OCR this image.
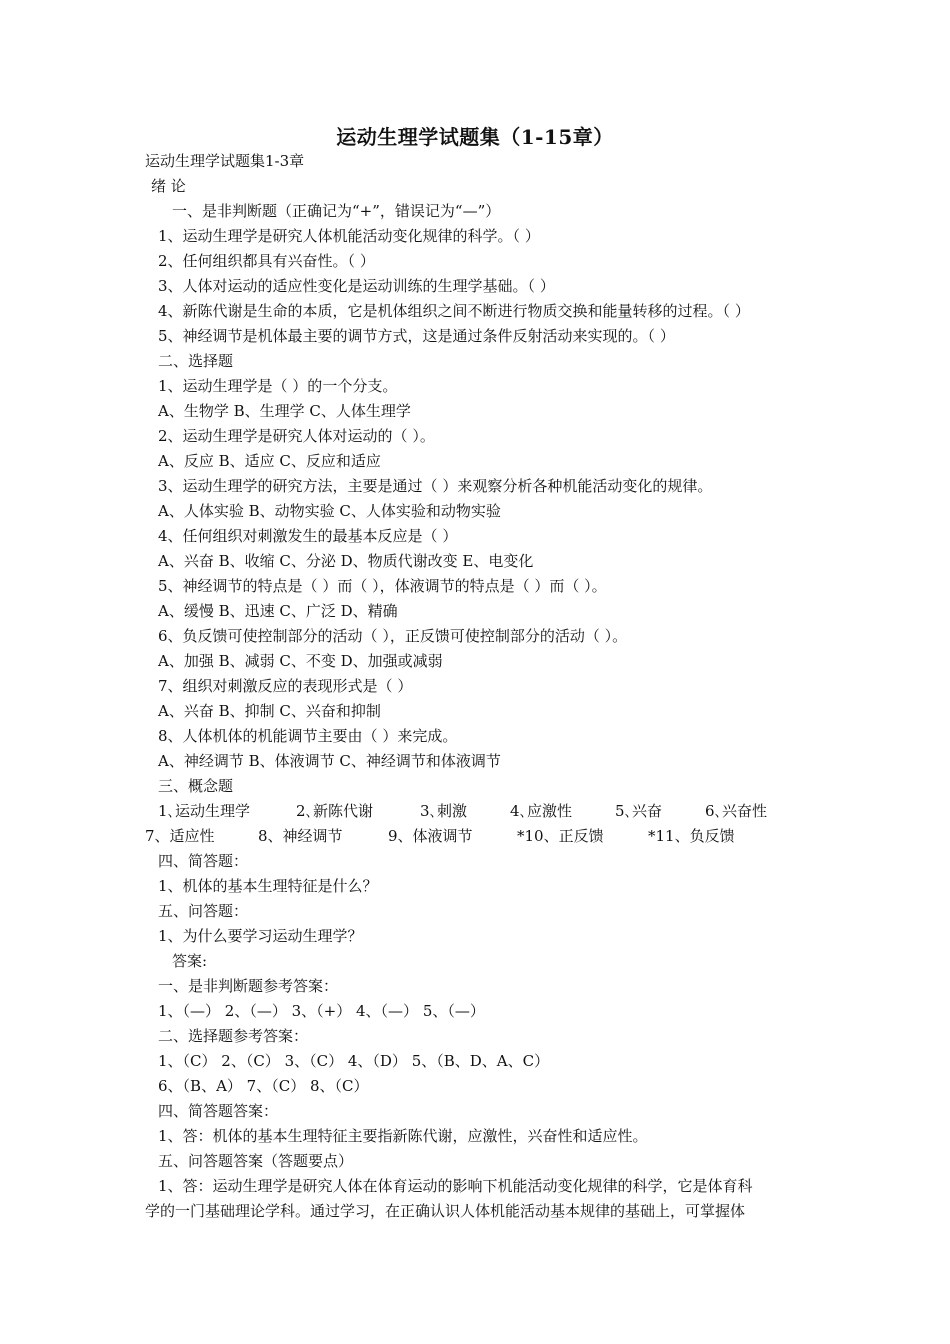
运动生理学试题集（1-15章）
运动生理学试题集1-3章
绪 论
一、是非判断题（正确记为“+”，错误记为“—”）
1、运动生理学是研究人体机能活动变化规律的科学。（ ）
2、任何组织都具有兴奋性。（ ）
3、人体对运动的适应性变化是运动训练的生理学基础。（ ）
4、新陈代谢是生命的本质，它是机体组织之间不断进行物质交换和能量转移的过程。（ ）
5、神经调节是机体最主要的调节方式，这是通过条件反射活动来实现的。（ ）
二、选择题
1、运动生理学是（ ）的一个分支。
A、生物学 B、生理学 C、人体生理学
2、运动生理学是研究人体对运动的（ ）。
A、反应 B、适应 C、反应和适应
3、运动生理学的研究方法，主要是通过（ ）来观察分析各种机能活动变化的规律。
A、人体实验 B、动物实验 C、人体实验和动物实验
4、任何组织对刺激发生的最基本反应是（ ）
A、兴奋 B、收缩 C、分泌 D、物质代谢改变 E、电变化
5、神经调节的特点是（ ）而（ ），体液调节的特点是（ ）而（ ）。
A、缓慢 B、迅速 C、广泛 D、精确
6、负反馈可使控制部分的活动（ ），正反馈可使控制部分的活动（ ）。
A、加强 B、减弱 C、不变 D、加强或减弱
7、组织对刺激反应的表现形式是（ ）
A、兴奋 B、抑制 C、兴奋和抑制
8、人体机体的机能调节主要由（ ）来完成。
A、神经调节 B、体液调节 C、神经调节和体液调节
三、概念题
1､运动生理学	2､新陈代谢	3､刺激	4､应激性	5､兴奋	6､兴奋性
7、适应性	8、神经调节	9、体液调节	*10、正反馈	*11、负反馈
四、简答题：
1、机体的基本生理特征是什么？
五、问答题：
1、为什么要学习运动生理学？
答案:
一、是非判断题参考答案：
1、（—） 2、（—） 3、（+） 4、（—） 5、（—）
二、选择题参考答案：
1、（C） 2、（C） 3、（C） 4、（D） 5、（B、D、A、C）
6、（B、A） 7、（C） 8、（C）
四、简答题答案：
1、答：机体的基本生理特征主要指新陈代谢，应激性，兴奋性和适应性。
五、问答题答案（答题要点）
1、答：运动生理学是研究人体在体育运动的影响下机能活动变化规律的科学，它是体育科
学的一门基础理论学科。通过学习，在正确认识人体机能活动基本规律的基础上，可掌握体
